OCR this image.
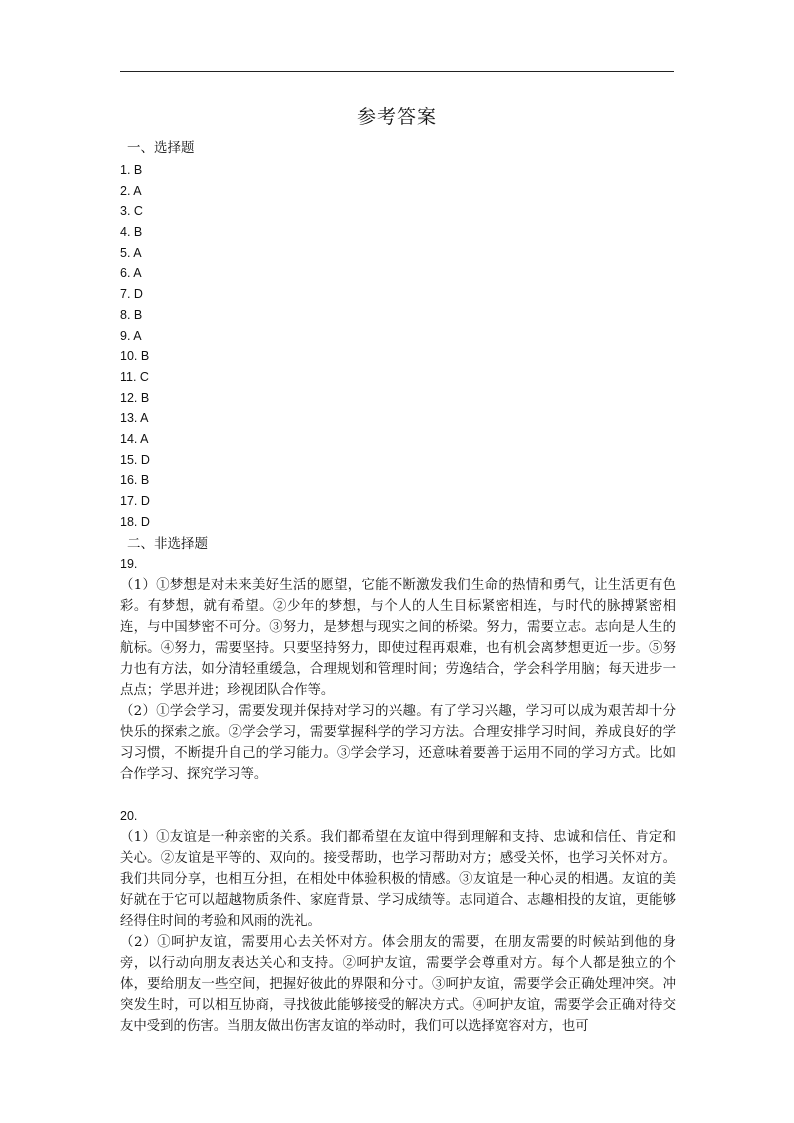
参考答案
一、选择题
1. B
2. A
3. C
4. B
5. A
6. A
7. D
8. B
9. A
10. B
11. C
12. B
13. A
14. A
15. D
16. B
17. D
18. D
二、非选择题
19.

（1）①梦想是对未来美好生活的愿望，它能不断激发我们生命的热情和勇气，让生活更有色彩。有梦想，就有希望。②少年的梦想，与个人的人生目标紧密相连，与时代的脉搏紧密相连，与中国梦密不可分。③努力，是梦想与现实之间的桥梁。努力，需要立志。志向是人生的航标。④努力，需要坚持。只要坚持努力，即使过程再艰难，也有机会离梦想更近一步。⑤努力也有方法，如分清轻重缓急，合理规划和管理时间；劳逸结合，学会科学用脑；每天进步一点点；学思并进；珍视团队合作等。

（2）①学会学习，需要发现并保持对学习的兴趣。有了学习兴趣，学习可以成为艰苦却十分快乐的探索之旅。②学会学习，需要掌握科学的学习方法。合理安排学习时间，养成良好的学习习惯，不断提升自己的学习能力。③学会学习，还意味着要善于运用不同的学习方式。比如合作学习、探究学习等。

20.

（1）①友谊是一种亲密的关系。我们都希望在友谊中得到理解和支持、忠诚和信任、肯定和关心。②友谊是平等的、双向的。接受帮助，也学习帮助对方；感受关怀，也学习关怀对方。我们共同分享，也相互分担，在相处中体验积极的情感。③友谊是一种心灵的相遇。友谊的美好就在于它可以超越物质条件、家庭背景、学习成绩等。志同道合、志趣相投的友谊，更能够经得住时间的考验和风雨的洗礼。

（2）①呵护友谊，需要用心去关怀对方。体会朋友的需要，在朋友需要的时候站到他的身旁，以行动向朋友表达关心和支持。②呵护友谊，需要学会尊重对方。每个人都是独立的个体，要给朋友一些空间，把握好彼此的界限和分寸。③呵护友谊，需要学会正确处理冲突。冲突发生时，可以相互协商，寻找彼此能够接受的解决方式。④呵护友谊，需要学会正确对待交友中受到的伤害。当朋友做出伤害友谊的举动时，我们可以选择宽容对方，也可
